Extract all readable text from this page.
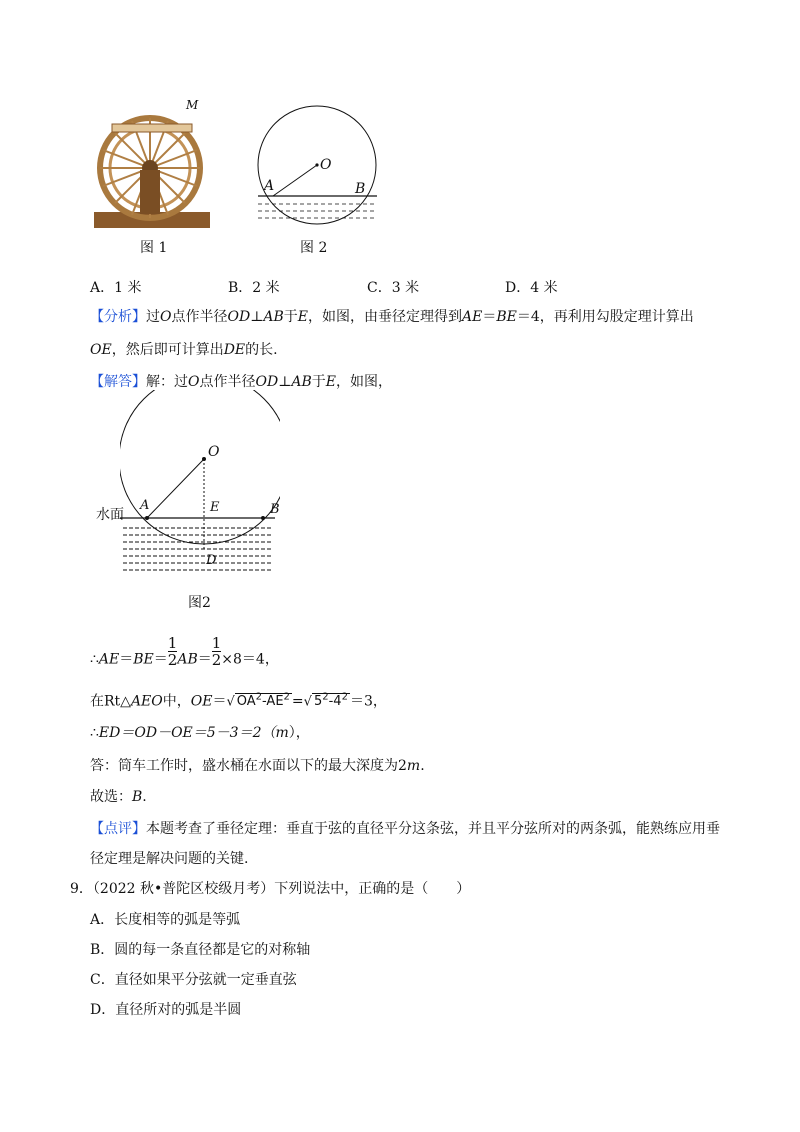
M
图 1
O
A	B
图 2
A．1 米	B．2 米	C．3 米	D．4 米
【分析】过O点作半径OD⊥AB于E，如图，由垂径定理得到AE＝BE＝4，再利用勾股定理计算出
OE，然后即可计算出DE的长.
【解答】解：过O点作半径OD⊥AB于E，如图，
O
A	E	B
D
水面
图2
∴AE＝BE＝ $\frac{1}{2} AB= \frac{1}{2} \times 8=4$，
在Rt△AEO中，OE＝√ $OA^2-AE^2$ =√ $5^2-4^2 =3$，
∴ED＝OD－OE＝5－3＝2（m），
答：筒车工作时，盛水桶在水面以下的最大深度为2m.
故选：B.
【点评】本题考查了垂径定理：垂直于弦的直径平分这条弦，并且平分弦所对的两条弧，能熟练应用垂
径定理是解决问题的关键.
9．（2022 秋•普陀区校级月考）下列说法中，正确的是（　　）
A．长度相等的弧是等弧
B．圆的每一条直径都是它的对称轴
C．直径如果平分弦就一定垂直弦
D．直径所对的弧是半圆
